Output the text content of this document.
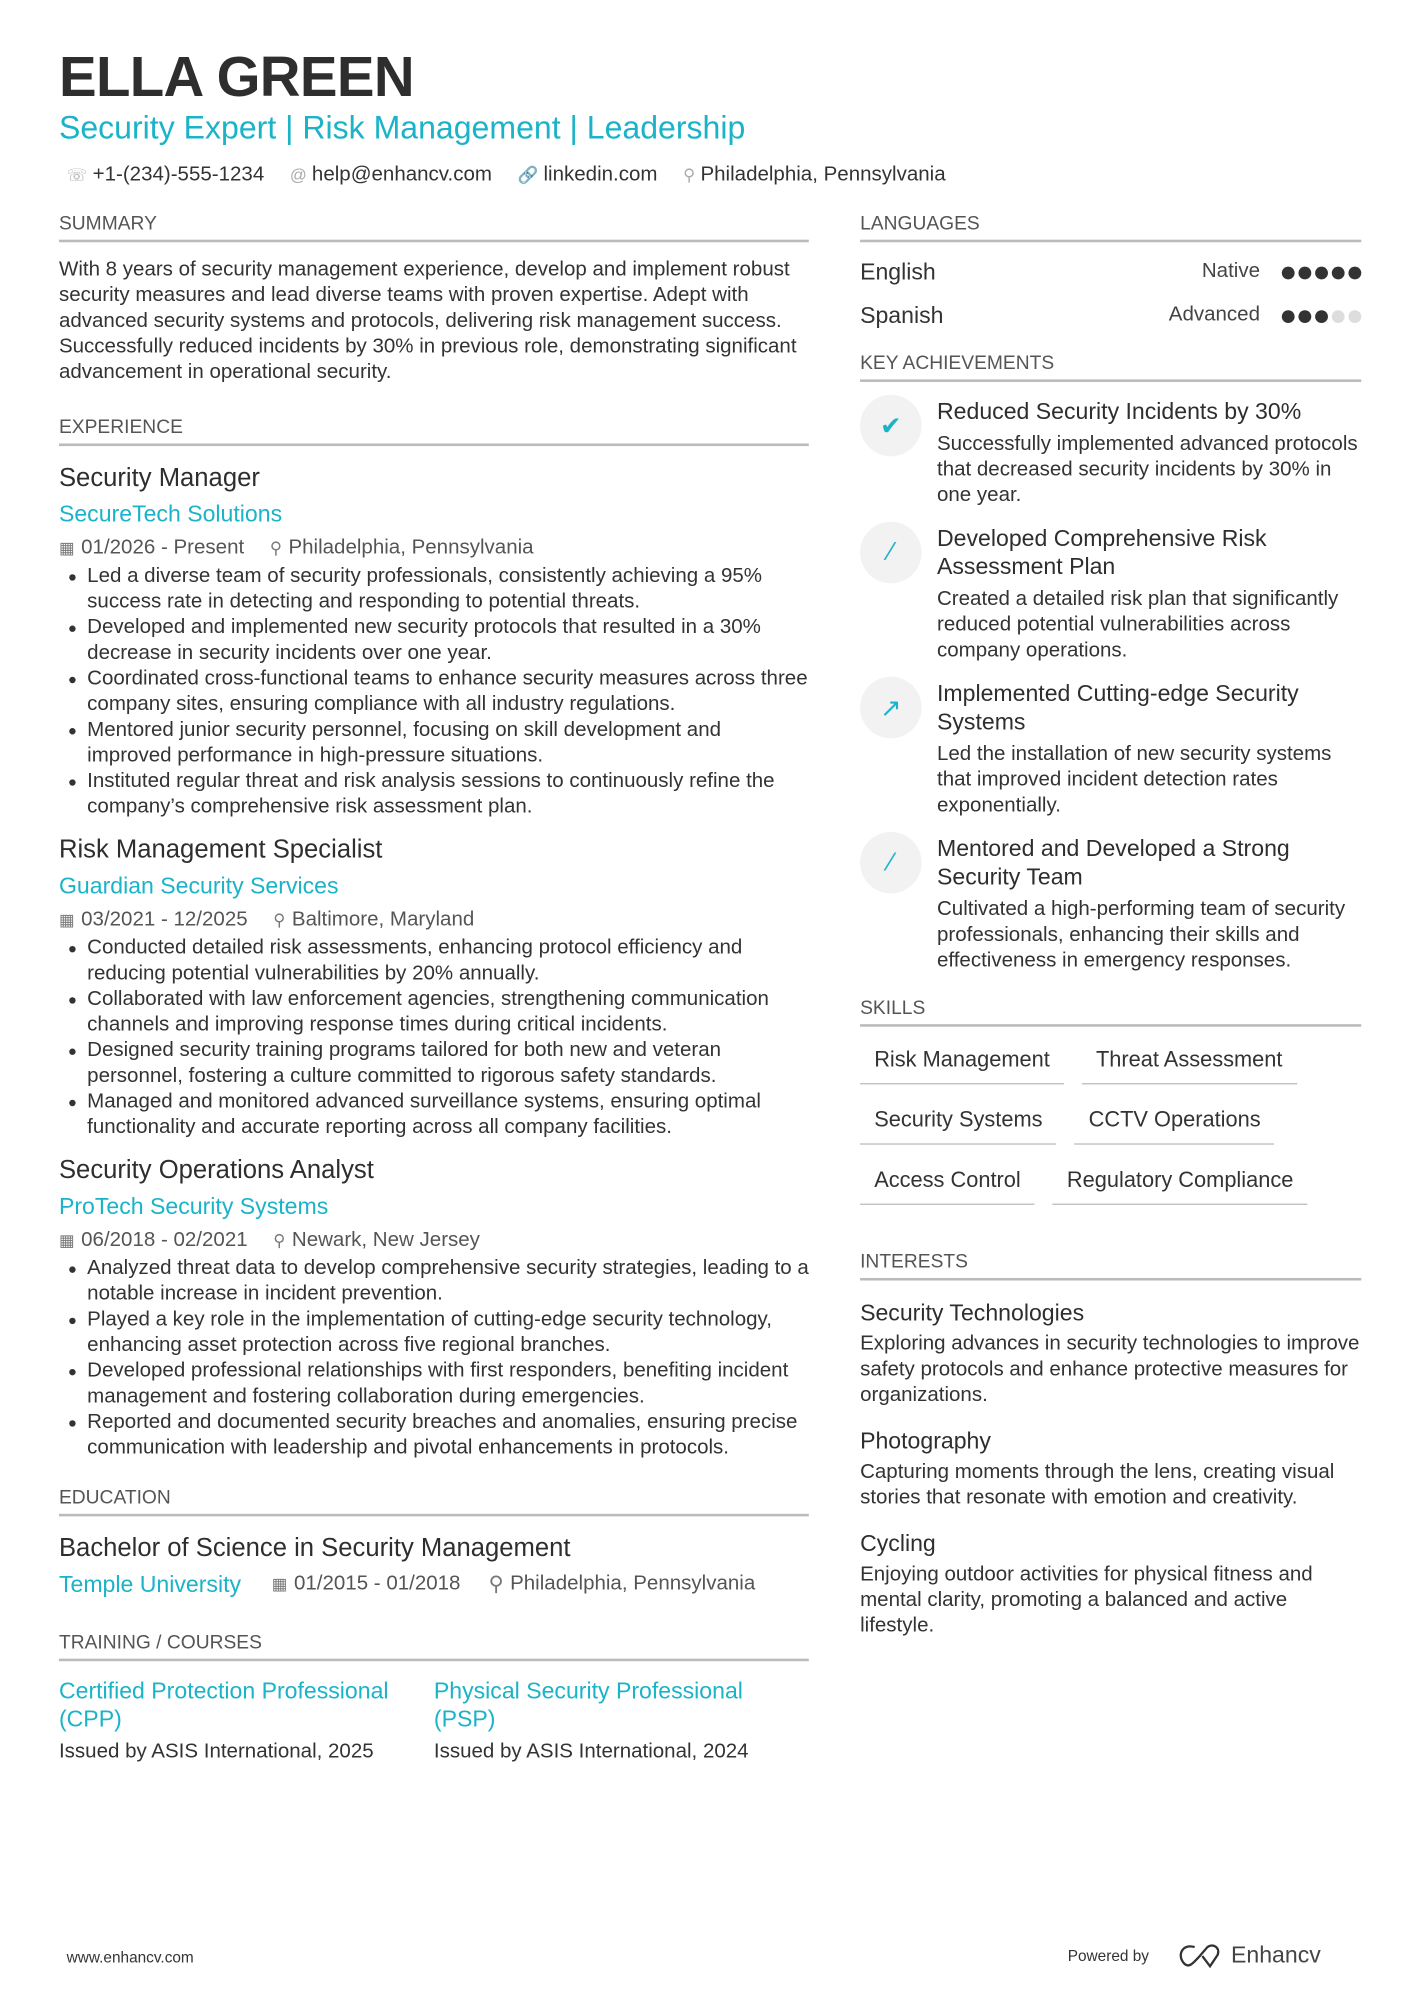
ELLA GREEN
Security Expert | Risk Management | Leadership
☏ +1-(234)-555-1234 @ help@enhancv.com 🔗 linkedin.com ⚲ Philadelphia, Pennsylvania
SUMMARY
With 8 years of security management experience, develop and implement robust security measures and lead diverse teams with proven expertise. Adept with advanced security systems and protocols, delivering risk management success. Successfully reduced incidents by 30% in previous role, demonstrating significant advancement in operational security.
EXPERIENCE
Security Manager
SecureTech Solutions
▦ 01/2026 - Present ⚲ Philadelphia, Pennsylvania
Led a diverse team of security professionals, consistently achieving a 95% success rate in detecting and responding to potential threats.
Developed and implemented new security protocols that resulted in a 30% decrease in security incidents over one year.
Coordinated cross-functional teams to enhance security measures across three company sites, ensuring compliance with all industry regulations.
Mentored junior security personnel, focusing on skill development and improved performance in high-pressure situations.
Instituted regular threat and risk analysis sessions to continuously refine the company’s comprehensive risk assessment plan.
Risk Management Specialist
Guardian Security Services
▦ 03/2021 - 12/2025 ⚲ Baltimore, Maryland
Conducted detailed risk assessments, enhancing protocol efficiency and reducing potential vulnerabilities by 20% annually.
Collaborated with law enforcement agencies, strengthening communication channels and improving response times during critical incidents.
Designed security training programs tailored for both new and veteran personnel, fostering a culture committed to rigorous safety standards.
Managed and monitored advanced surveillance systems, ensuring optimal functionality and accurate reporting across all company facilities.
Security Operations Analyst
ProTech Security Systems
▦ 06/2018 - 02/2021 ⚲ Newark, New Jersey
Analyzed threat data to develop comprehensive security strategies, leading to a notable increase in incident prevention.
Played a key role in the implementation of cutting-edge security technology, enhancing asset protection across five regional branches.
Developed professional relationships with first responders, benefiting incident management and fostering collaboration during emergencies.
Reported and documented security breaches and anomalies, ensuring precise communication with leadership and pivotal enhancements in protocols.
EDUCATION
Bachelor of Science in Security Management
Temple University ▦ 01/2015 - 01/2018 ⚲ Philadelphia, Pennsylvania
TRAINING / COURSES
Certified Protection Professional (CPP)
Issued by ASIS International, 2025
Physical Security Professional (PSP)
Issued by ASIS International, 2024
LANGUAGES
English	Native
Spanish	Advanced
KEY ACHIEVEMENTS
✔
Reduced Security Incidents by 30%
Successfully implemented advanced protocols that decreased security incidents by 30% in one year.
⁄	Developed Comprehensive Risk Assessment Plan
Created a detailed risk plan that significantly reduced potential vulnerabilities across company operations.
↗
Implemented Cutting-edge Security Systems
Led the installation of new security systems that improved incident detection rates exponentially.
⁄	Mentored and Developed a Strong Security Team
Cultivated a high-performing team of security professionals, enhancing their skills and effectiveness in emergency responses.
SKILLS
Risk Management	Threat Assessment
Security Systems	CCTV Operations
Access Control	Regulatory Compliance
INTERESTS
Security Technologies
Exploring advances in security technologies to improve safety protocols and enhance protective measures for organizations.
Photography
Capturing moments through the lens, creating visual stories that resonate with emotion and creativity.
Cycling
Enjoying outdoor activities for physical fitness and mental clarity, promoting a balanced and active lifestyle.
www.enhancv.com	Powered by	Enhancv
